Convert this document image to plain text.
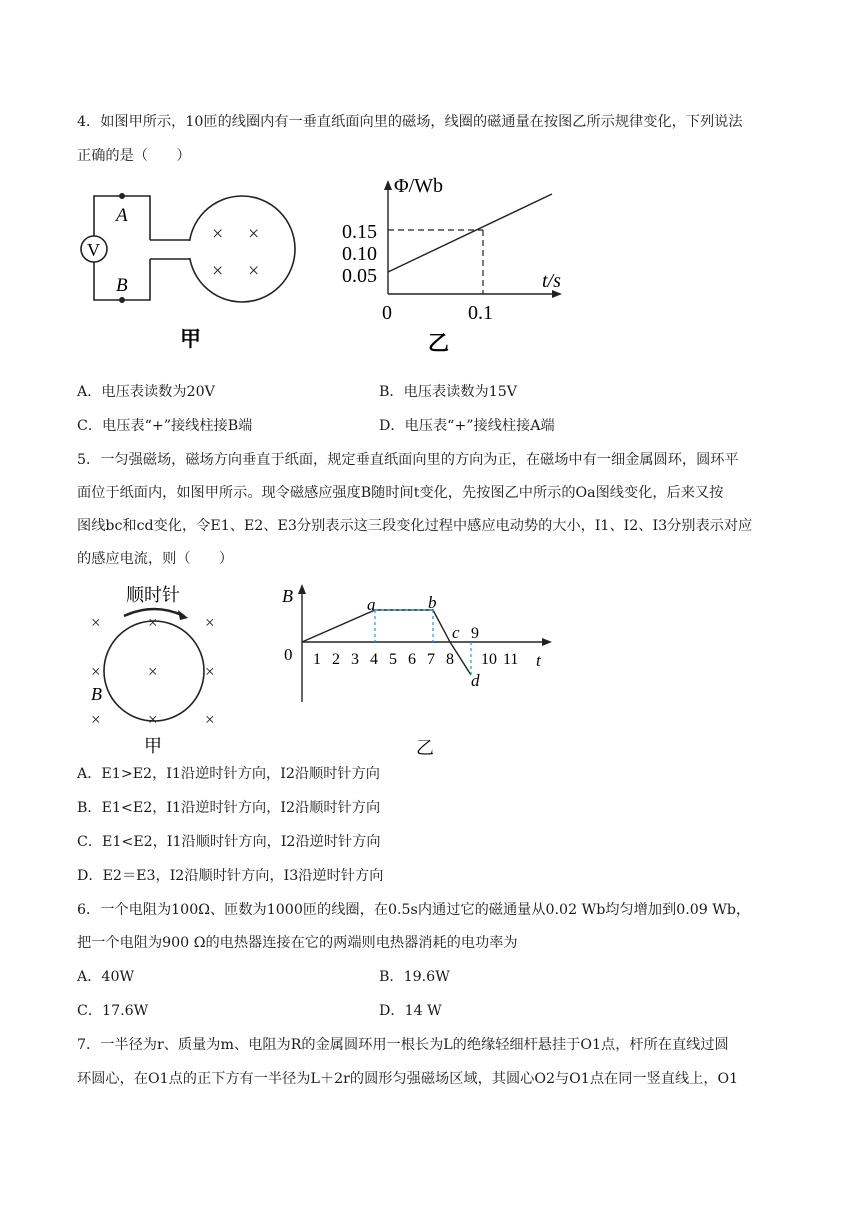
4．如图甲所示，10匝的线圈内有一垂直纸面向里的磁场，线圈的磁通量在按图乙所示规律变化，下列说法
正确的是（　　）
A
B
V
× ×
× ×
甲
Φ/Wb
0.15
0.10
0.05	t/s
0	0.1
乙
A．电压表读数为20V	B．电压表读数为15V
C．电压表“+”接线柱接B端	D．电压表“+”接线柱接A端
5．一匀强磁场，磁场方向垂直于纸面，规定垂直纸面向里的方向为正，在磁场中有一细金属圆环，圆环平
面位于纸面内，如图甲所示。现令磁感应强度B随时间t变化，先按图乙中所示的Oa图线变化，后来又按
图线bc和cd变化，令E1、E2、E3分别表示这三段变化过程中感应电动势的大小，I1、I2、I3分别表示对应
的感应电流，则（　　）
顺时针
×	×	×
×	×	×
×	×	×
B
甲
B
0	t
a	b
c
d
1 2 3 4 5 6 7 8
9
10 11
乙
A．E1>E2，I1沿逆时针方向，I2沿顺时针方向
B．E1<E2，I1沿逆时针方向，I2沿顺时针方向
C．E1<E2，I1沿顺时针方向，I2沿逆时针方向
D．E2＝E3，I2沿顺时针方向，I3沿逆时针方向
6．一个电阻为100Ω、匝数为1000匝的线圈，在0.5s内通过它的磁通量从0.02 Wb均匀增加到0.09 Wb，
把一个电阻为900 Ω的电热器连接在它的两端则电热器消耗的电功率为
A．40W	B．19.6W
C．17.6W	D．14 W
7．一半径为r、质量为m、电阻为R的金属圆环用一根长为L的绝缘轻细杆悬挂于O1点，杆所在直线过圆
环圆心，在O1点的正下方有一半径为L＋2r的圆形匀强磁场区域，其圆心O2与O1点在同一竖直线上，O1
